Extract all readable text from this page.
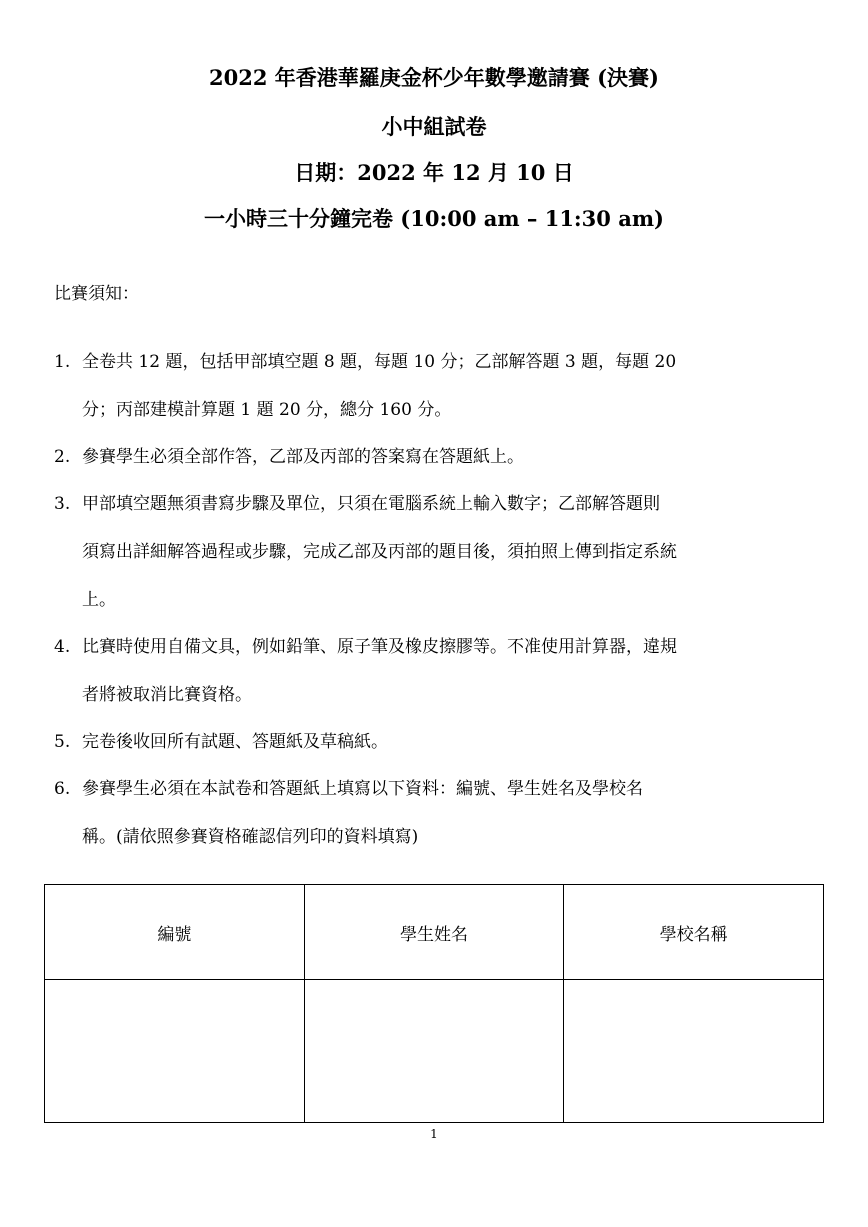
2022 年香港華羅庚金杯少年數學邀請賽 (決賽)
小中組試卷
日期：2022 年 12 月 10 日
一小時三十分鐘完卷 (10:00 am – 11:30 am)
比賽須知：
1. 全卷共 12 題，包括甲部填空題 8 題，每題 10 分；乙部解答題 3 題，每題 20
分；丙部建模計算題 1 題 20 分，總分 160 分。
2. 參賽學生必須全部作答，乙部及丙部的答案寫在答題紙上。
3. 甲部填空題無須書寫步驟及單位，只須在電腦系統上輸入數字；乙部解答題則
須寫出詳細解答過程或步驟，完成乙部及丙部的題目後，須拍照上傳到指定系統
上。
4. 比賽時使用自備文具，例如鉛筆、原子筆及橡皮擦膠等。不准使用計算器，違規
者將被取消比賽資格。
5. 完卷後收回所有試題、答題紙及草稿紙。
6. 參賽學生必須在本試卷和答題紙上填寫以下資料：編號、學生姓名及學校名
稱。(請依照參賽資格確認信列印的資料填寫)
編號	學生姓名	學校名稱

1
